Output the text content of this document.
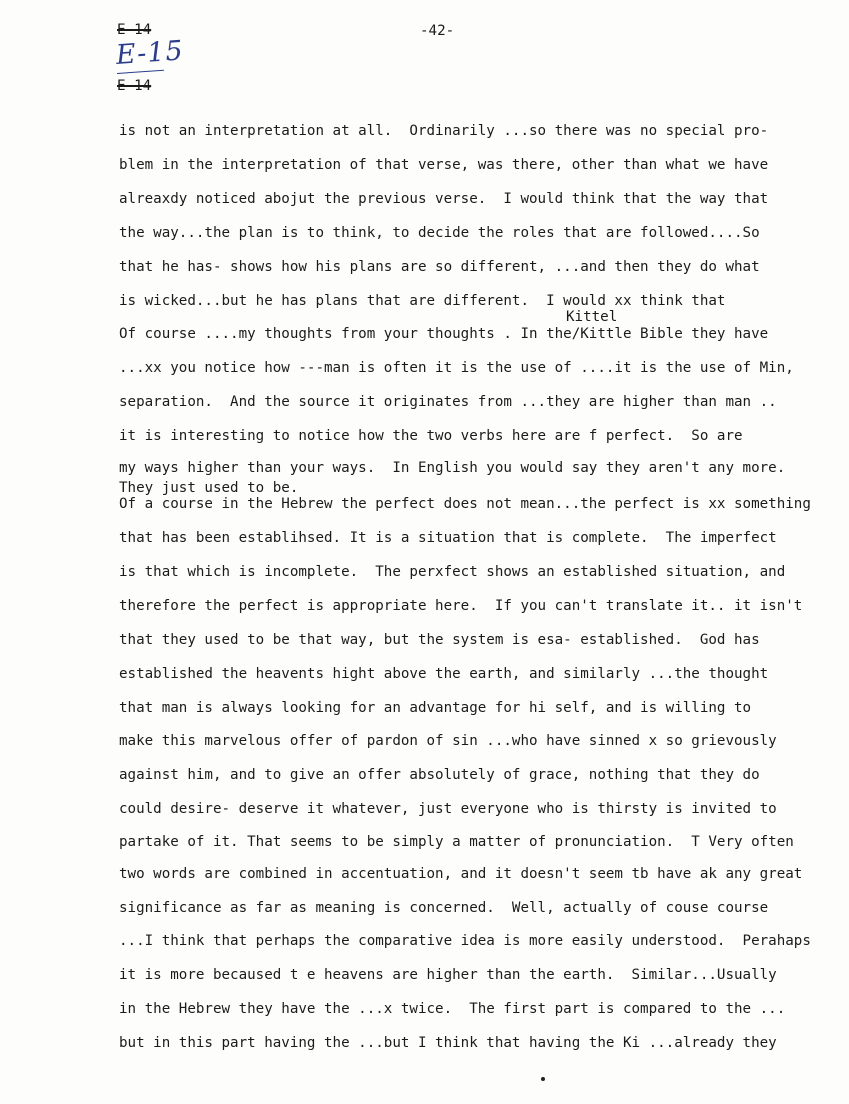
-42-
E-14
E-15
E-14
Kittel
is not an interpretation at all.  Ordinarily ...so there was no special pro-
blem in the interpretation of that verse, was there, other than what we have
alreaxdy noticed abojut the previous verse.  I would think that the way that
the way...the plan is to think, to decide the roles that are followed....So
that he has- shows how his plans are so different, ...and then they do what
is wicked...but he has plans that are different.  I would xx think that
Of course ....my thoughts from your thoughts . In the/Kittle Bible they have
...xx you notice how ---man is often it is the use of ....it is the use of Min,
separation.  And the source it originates from ...they are higher than man ..
it is interesting to notice how the two verbs here are f perfect.  So are
my ways higher than your ways.  In English you would say they aren't any more.
They just used to be.
Of a course in the Hebrew the perfect does not mean...the perfect is xx something
that has been establihsed. It is a situation that is complete.  The imperfect
is that which is incomplete.  The perxfect shows an established situation, and
therefore the perfect is appropriate here.  If you can't translate it.. it isn't
that they used to be that way, but the system is esa- established.  God has
established the heavents hight above the earth, and similarly ...the thought
that man is always looking for an advantage for hi self, and is willing to
make this marvelous offer of pardon of sin ...who have sinned x so grievously
against him, and to give an offer absolutely of grace, nothing that they do
could desire- deserve it whatever, just everyone who is thirsty is invited to
partake of it. That seems to be simply a matter of pronunciation.  T Very often
two words are combined in accentuation, and it doesn't seem tb have ak any great
significance as far as meaning is concerned.  Well, actually of couse course
...I think that perhaps the comparative idea is more easily understood.  Perahaps
it is more becaused t e heavens are higher than the earth.  Similar...Usually
in the Hebrew they have the ...x twice.  The first part is compared to the ...
but in this part having the ...but I think that having the Ki ...already they
